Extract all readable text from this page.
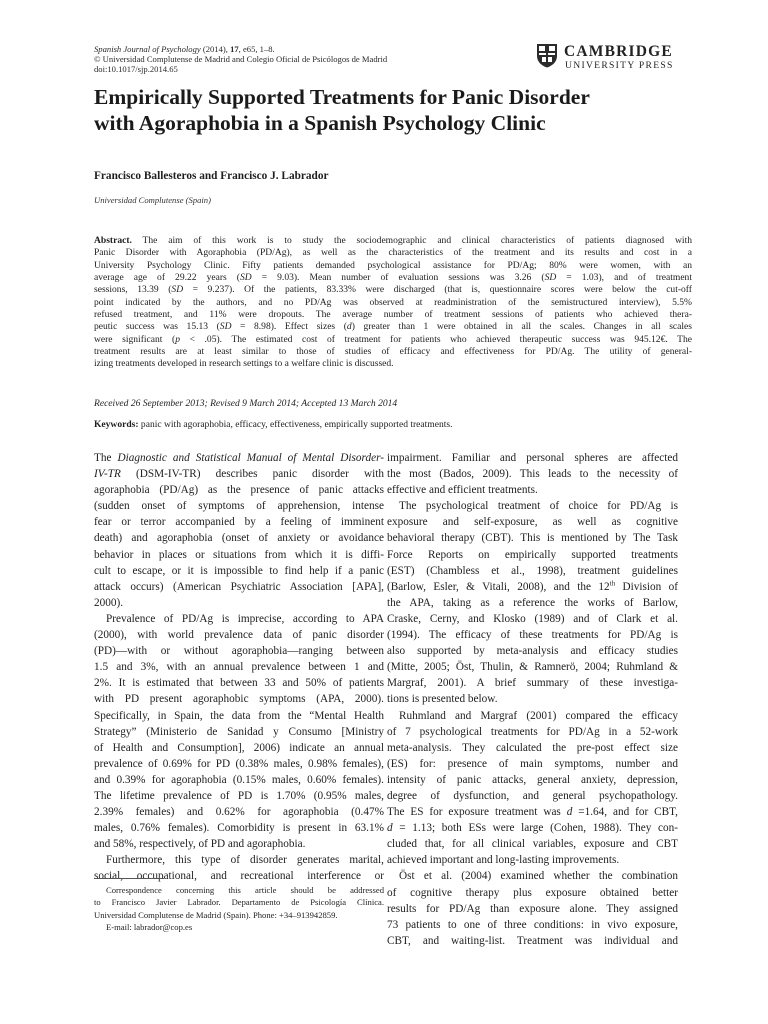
Spanish Journal of Psychology (2014), 17, e65, 1–8.
© Universidad Complutense de Madrid and Colegio Oficial de Psicólogos de Madrid
doi:10.1017/sjp.2014.65
CAMBRIDGE
UNIVERSITY PRESS
Empirically Supported Treatments for Panic Disorder
with Agoraphobia in a Spanish Psychology Clinic
Francisco Ballesteros and Francisco J. Labrador
Universidad Complutense (Spain)
Abstract. The aim of this work is to study the sociodemographic and clinical characteristics of patients diagnosed with
Panic Disorder with Agoraphobia (PD/Ag), as well as the characteristics of the treatment and its results and cost in a
University Psychology Clinic. Fifty patients demanded psychological assistance for PD/Ag; 80% were women, with an
average age of 29.22 years (SD = 9.03). Mean number of evaluation sessions was 3.26 (SD = 1.03), and of treatment
sessions, 13.39 (SD = 9.237). Of the patients, 83.33% were discharged (that is, questionnaire scores were below the cut-off
point indicated by the authors, and no PD/Ag was observed at readministration of the semistructured interview), 5.5%
refused treatment, and 11% were dropouts. The average number of treatment sessions of patients who achieved thera-
peutic success was 15.13 (SD = 8.98). Effect sizes (d) greater than 1 were obtained in all the scales. Changes in all scales
were significant (p < .05). The estimated cost of treatment for patients who achieved therapeutic success was 945.12€. The
treatment results are at least similar to those of studies of efficacy and effectiveness for PD/Ag. The utility of general-
izing treatments developed in research settings to a welfare clinic is discussed.
Received 26 September 2013; Revised 9 March 2014; Accepted 13 March 2014
Keywords: panic with agoraphobia, efficacy, effectiveness, empirically supported treatments.
The Diagnostic and Statistical Manual of Mental Disorder-
IV-TR (DSM-IV-TR) describes panic disorder with
agoraphobia (PD/Ag) as the presence of panic attacks
(sudden onset of symptoms of apprehension, intense
fear or terror accompanied by a feeling of imminent
death) and agoraphobia (onset of anxiety or avoidance
behavior in places or situations from which it is diffi-
cult to escape, or it is impossible to find help if a panic
attack occurs) (American Psychiatric Association [APA],
2000).
Prevalence of PD/Ag is imprecise, according to APA
(2000), with world prevalence data of panic disorder
(PD)—with or without agoraphobia—ranging between
1.5 and 3%, with an annual prevalence between 1 and
2%. It is estimated that between 33 and 50% of patients
with PD present agoraphobic symptoms (APA, 2000).
Specifically, in Spain, the data from the “Mental Health
Strategy” (Ministerio de Sanidad y Consumo [Ministry
of Health and Consumption], 2006) indicate an annual
prevalence of 0.69% for PD (0.38% males, 0.98% females),
and 0.39% for agoraphobia (0.15% males, 0.60% females).
The lifetime prevalence of PD is 1.70% (0.95% males,
2.39% females) and 0.62% for agoraphobia (0.47%
males, 0.76% females). Comorbidity is present in 63.1%
and 58%, respectively, of PD and agoraphobia.
Furthermore, this type of disorder generates marital,
social, occupational, and recreational interference or
impairment. Familiar and personal spheres are affected
the most (Bados, 2009). This leads to the necessity of
effective and efficient treatments.
The psychological treatment of choice for PD/Ag is
exposure and self-exposure, as well as cognitive
behavioral therapy (CBT). This is mentioned by The Task
Force Reports on empirically supported treatments
(EST) (Chambless et al., 1998), treatment guidelines
(Barlow, Esler, & Vitali, 2008), and the 12th Division of
the APA, taking as a reference the works of Barlow,
Craske, Cerny, and Klosko (1989) and of Clark et al.
(1994). The efficacy of these treatments for PD/Ag is
also supported by meta-analysis and efficacy studies
(Mitte, 2005; Öst, Thulin, & Ramnerö, 2004; Ruhmland &
Margraf, 2001). A brief summary of these investiga-
tions is presented below.
Ruhmland and Margraf (2001) compared the efficacy
of 7 psychological treatments for PD/Ag in a 52-work
meta-analysis. They calculated the pre-post effect size
(ES) for: presence of main symptoms, number and
intensity of panic attacks, general anxiety, depression,
degree of dysfunction, and general psychopathology.
The ES for exposure treatment was d =1.64, and for CBT,
d = 1.13; both ESs were large (Cohen, 1988). They con-
cluded that, for all clinical variables, exposure and CBT
achieved important and long-lasting improvements.
Öst et al. (2004) examined whether the combination
of cognitive therapy plus exposure obtained better
results for PD/Ag than exposure alone. They assigned
73 patients to one of three conditions: in vivo exposure,
CBT, and waiting-list. Treatment was individual and
Correspondence concerning this article should be addressed
to Francisco Javier Labrador. Departamento de Psicología Clínica.
Universidad Complutense de Madrid (Spain). Phone: +34–913942859.
E-mail: labrador@cop.es
